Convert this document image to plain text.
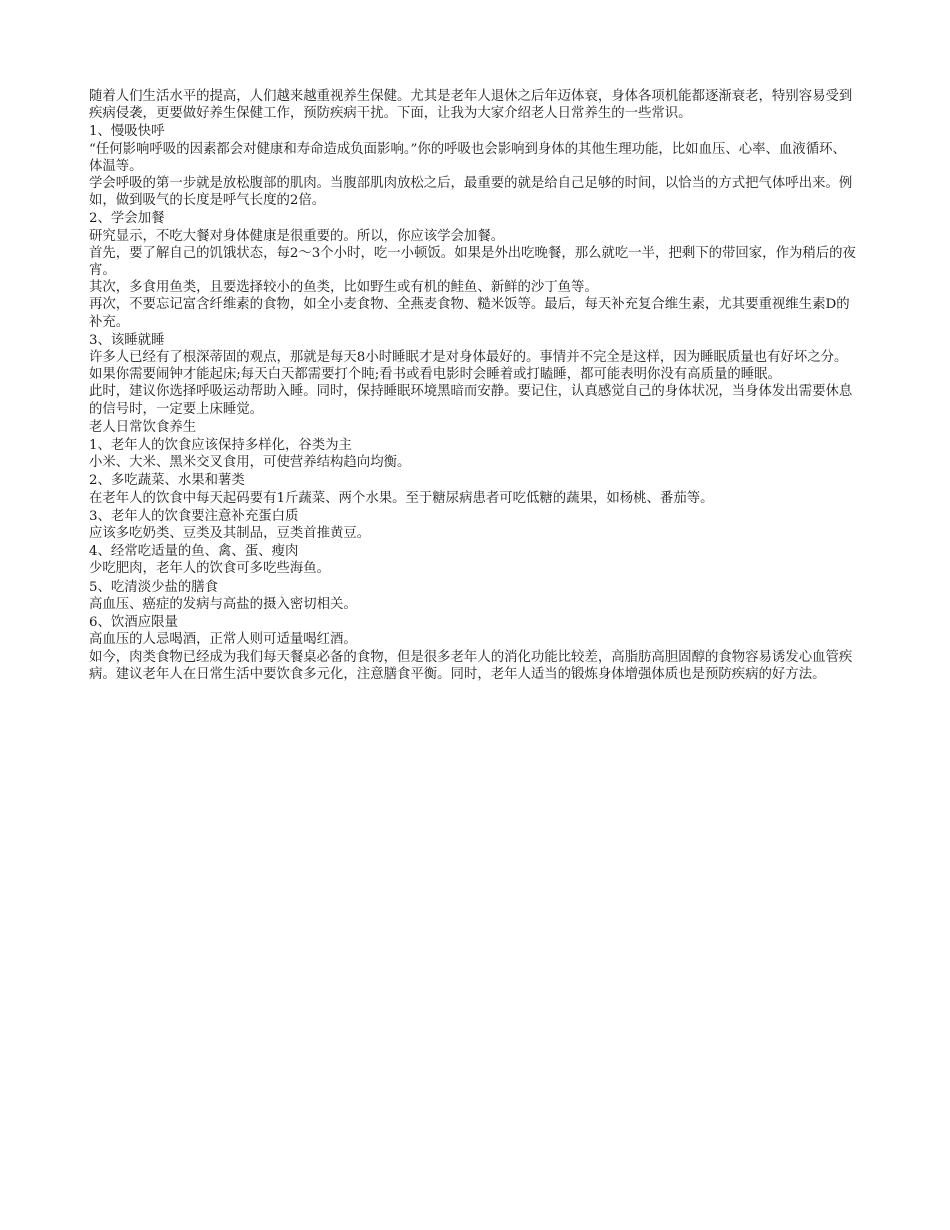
随着人们生活水平的提高，人们越来越重视养生保健。尤其是老年人退休之后年迈体衰，身体各项机能都逐渐衰老，特别容易受到疾病侵袭，更要做好养生保健工作，预防疾病干扰。下面，让我为大家介绍老人日常养生的一些常识。

1、慢吸快呼

“任何影响呼吸的因素都会对健康和寿命造成负面影响。”你的呼吸也会影响到身体的其他生理功能，比如血压、心率、血液循环、体温等。

学会呼吸的第一步就是放松腹部的肌肉。当腹部肌肉放松之后，最重要的就是给自己足够的时间，以恰当的方式把气体呼出来。例如，做到吸气的长度是呼气长度的2倍。

2、学会加餐

研究显示，不吃大餐对身体健康是很重要的。所以，你应该学会加餐。

首先，要了解自己的饥饿状态，每2～3个小时，吃一小顿饭。如果是外出吃晚餐，那么就吃一半，把剩下的带回家，作为稍后的夜宵。

其次，多食用鱼类，且要选择较小的鱼类，比如野生或有机的鲑鱼、新鲜的沙丁鱼等。

再次，不要忘记富含纤维素的食物，如全小麦食物、全燕麦食物、糙米饭等。最后，每天补充复合维生素，尤其要重视维生素D的补充。

3、该睡就睡

许多人已经有了根深蒂固的观点，那就是每天8小时睡眠才是对身体最好的。事情并不完全是这样，因为睡眠质量也有好坏之分。

如果你需要闹钟才能起床;每天白天都需要打个盹;看书或看电影时会睡着或打瞌睡，都可能表明你没有高质量的睡眠。

此时，建议你选择呼吸运动帮助入睡。同时，保持睡眠环境黑暗而安静。要记住，认真感觉自己的身体状况，当身体发出需要休息的信号时，一定要上床睡觉。

老人日常饮食养生

1、老年人的饮食应该保持多样化，谷类为主

小米、大米、黑米交叉食用，可使营养结构趋向均衡。

2、多吃蔬菜、水果和薯类

在老年人的饮食中每天起码要有1斤蔬菜、两个水果。至于糖尿病患者可吃低糖的蔬果，如杨桃、番茄等。

3、老年人的饮食要注意补充蛋白质

应该多吃奶类、豆类及其制品，豆类首推黄豆。

4、经常吃适量的鱼、禽、蛋、瘦肉

少吃肥肉，老年人的饮食可多吃些海鱼。

5、吃清淡少盐的膳食

高血压、癌症的发病与高盐的摄入密切相关。

6、饮酒应限量

高血压的人忌喝酒，正常人则可适量喝红酒。

如今，肉类食物已经成为我们每天餐桌必备的食物，但是很多老年人的消化功能比较差，高脂肪高胆固醇的食物容易诱发心血管疾病。建议老年人在日常生活中要饮食多元化，注意膳食平衡。同时，老年人适当的锻炼身体增强体质也是预防疾病的好方法。
